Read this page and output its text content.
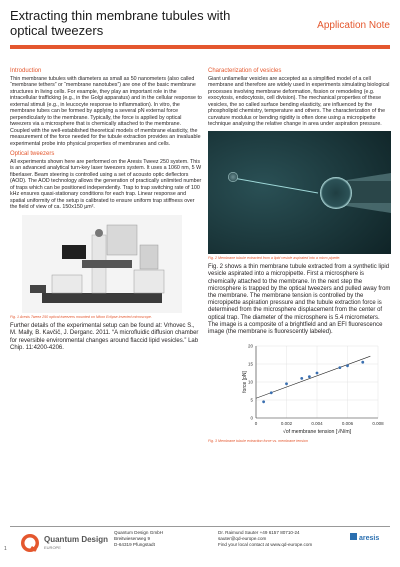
Extracting thin membrane tubules with optical tweezers	Application Note
Introduction

Thin membrane tubules with diameters as small as 50 nanometers (also called “membrane tethers” or “membrane nanotubes”) are one of the basic membrane structures in living cells. For example, they play an important role in the intracellular trafficking (e.g., in the Golgi apparatus) and in the cellular response to external stimuli (e.g., in leucocyte response to inflammation). In vitro, the membrane tubes can be formed by applying a several pN external force perpendicularly to the membrane. Typically, the force is applied by optical tweezers via a microsphere that is chemically attached to the membrane. Coupled with the well-established theoretical models of membrane elasticity, the measurement of the force needed for the tubule extraction provides an invaluable experimental probe into physical properties of membranes and cells.

Optical tweezers

All experiments shown here are performed on the Aresis Tweez 250 system. This is an advanced analytical turn-key laser tweezers system. It uses a 1060 nm, 5 W fiberlaser. Beam steering is controlled using a set of acousto optic deflectors (AOD). The AOD technology allows the generation of practically unlimited number of traps which can be positioned independently. Trap to trap switching rate of 100 kHz ensures quasi-stationary conditions for each trap. Linear response and spatial uniformity of the setup is calibrated to ensure uniform trap stiffness over the field of view of ca. 150x150 µm².

Fig. 1 Aresis Tweez 250 optical tweezers mounted on Nikon Eclipse inverted microscope.

Further details of the experimental setup can be found at: Vrhovec S., M. Mally, B. Kavčič, J. Derganc. 2011. “A microfluidic diffusion chamber for reversible environmental changes around flaccid lipid vesicles.” Lab Chip. 11:4200-4206.

Characterization of vesicles

Giant unilamellar vesicles are accepted as a simplified model of a cell membrane and therefore are widely used in experiments simulating biological processes involving membrane deformation, fission or remodeling (e.g. exocytosis, endocytosis, cell division). The mechanical properties of these vesicles, the so called surface bending elasticity, are influenced by the phospholipid chemistry, temperature and others. The characterization of the curvature modulus or bending rigidity is often done using a micropipette technique analysing the relative change in area under aspiration pressure.

Fig. 2 Membrane tubule extracted from a lipid vesicle aspirated into a micro pipette.

Fig. 2 shows a thin membrane tubule extracted from a synthetic lipid vesicle aspirated into a micropipette. First a microsphere is chemically attached to the membrane. In the next step the microsphere is trapped by the optical tweezers and pulled away from the membrane. The membrane tension is controlled by the micropipette aspiration pressure and the tubule extraction force is determined from the microsphere displacement from the center of optical trap. The diameter of the microsphere is 5.4 micrometers. The image is a composite of a brightfield and an EFI fluorescence image (the membrane is fluorescently labeled).

0
5
10
15
20
0	0.002	0.004	0.006	0.008
force [pN]
√of membrane tension [√N/m]
Fig. 3 Membrane tubule extraction force vs. membrane tension
1
Quantum Design
EUROPE
Quantum Design GmbH
Breitwiesenweg 9
D-64319 Pfungstadt
Dr. Raimund Sauter +49 6157 80710-24
sauter@qd-europe.com
Find your local contact at www.qd-europe.com
aresis
